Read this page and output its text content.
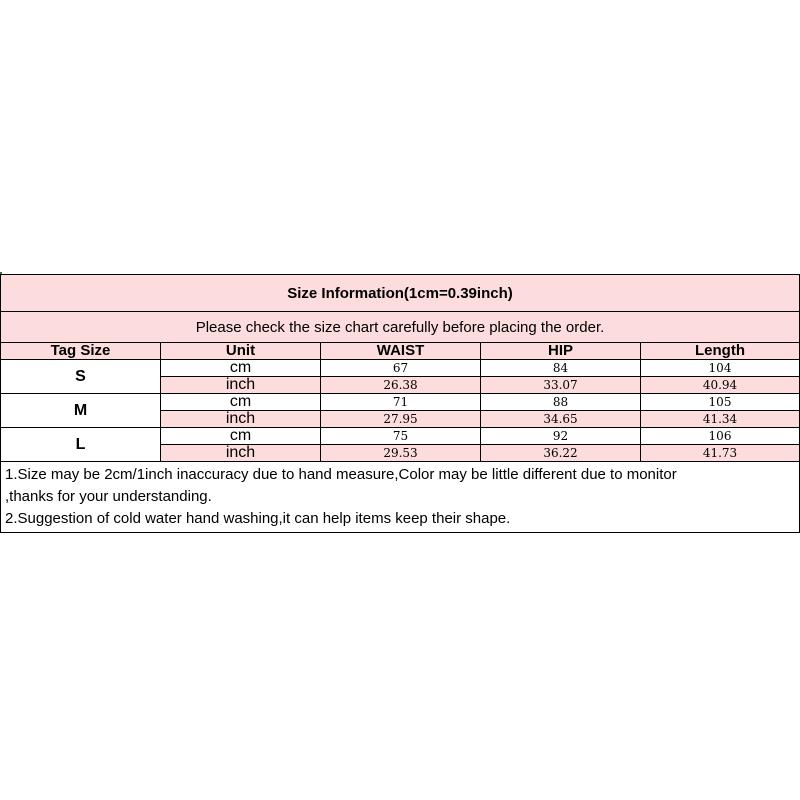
Size Information(1cm=0.39inch)
Please check the size chart carefully before placing the order.
Tag Size	Unit	WAIST	HIP	Length
S	cm	67	84	104
inch	26.38	33.07	40.94
M	cm	71	88	105
inch	27.95	34.65	41.34
L	cm	75	92	106
inch	29.53	36.22	41.73
1.Size may be 2cm/1inch inaccuracy due to hand measure,Color may be little different due to monitor
,thanks for your understanding.
2.Suggestion of cold water hand washing,it can help items keep their shape.
